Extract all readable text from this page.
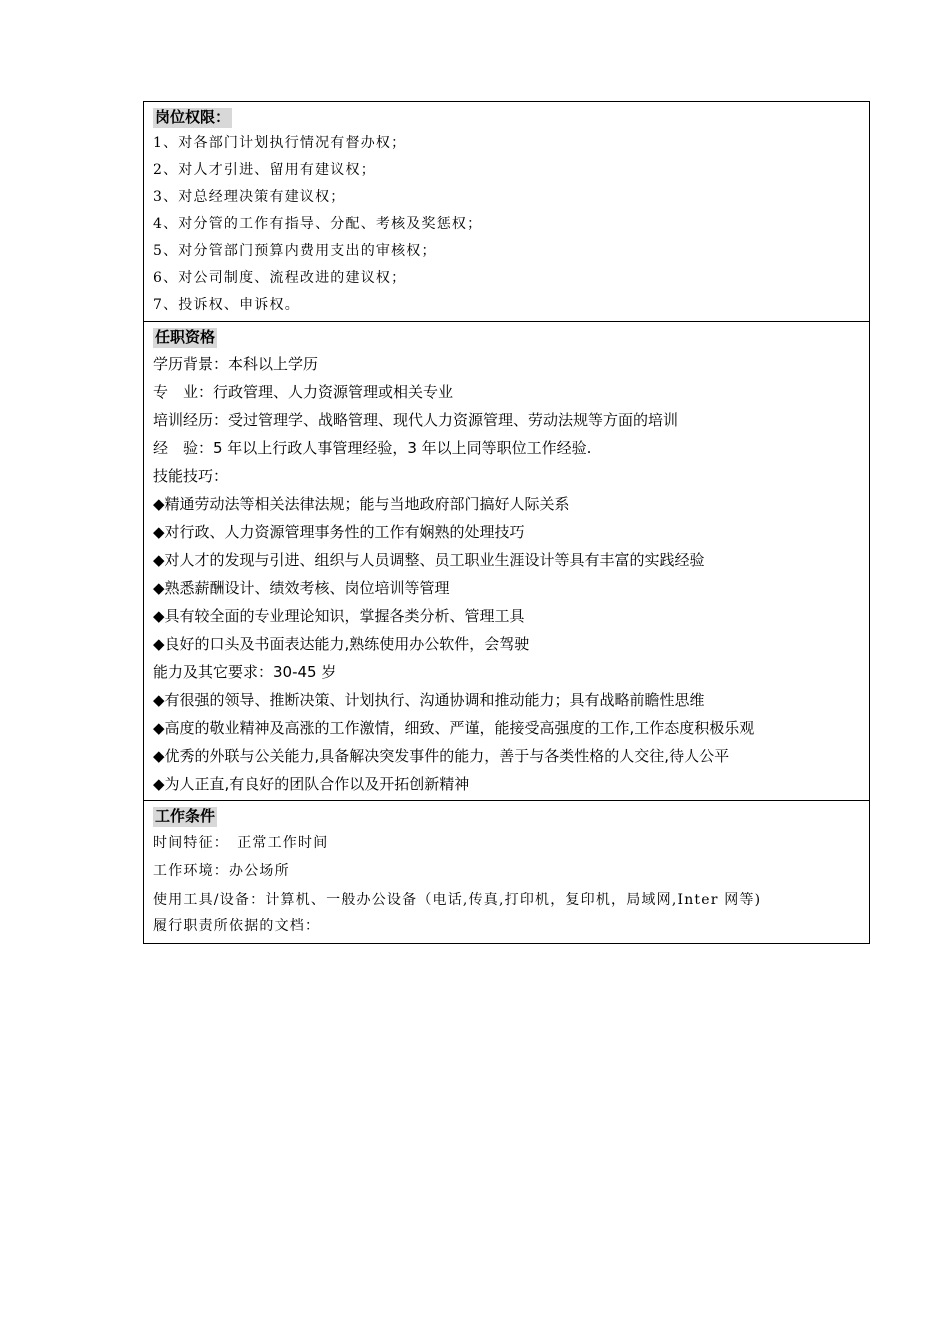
岗位权限：
1、对各部门计划执行情况有督办权；
2、对人才引进、留用有建议权；
3、对总经理决策有建议权；
4、对分管的工作有指导、分配、考核及奖惩权；
5、对分管部门预算内费用支出的审核权；
6、对公司制度、流程改进的建议权；
7、投诉权、申诉权。
任职资格
学历背景：本科以上学历
专　业：行政管理、人力资源管理或相关专业
培训经历：受过管理学、战略管理、现代人力资源管理、劳动法规等方面的培训
经　验：5 年以上行政人事管理经验，3 年以上同等职位工作经验.
技能技巧：
◆精通劳动法等相关法律法规；能与当地政府部门搞好人际关系
◆对行政、人力资源管理事务性的工作有娴熟的处理技巧
◆对人才的发现与引进、组织与人员调整、员工职业生涯设计等具有丰富的实践经验
◆熟悉薪酬设计、绩效考核、岗位培训等管理
◆具有较全面的专业理论知识，掌握各类分析、管理工具
◆良好的口头及书面表达能力,熟练使用办公软件，会驾驶
能力及其它要求：30-45 岁
◆有很强的领导、推断决策、计划执行、沟通协调和推动能力；具有战略前瞻性思维
◆高度的敬业精神及高涨的工作激情，细致、严谨，能接受高强度的工作,工作态度积极乐观
◆优秀的外联与公关能力,具备解决突发事件的能力，善于与各类性格的人交往,待人公平
◆为人正直,有良好的团队合作以及开拓创新精神
工作条件
时间特征：　正常工作时间
工作环境：办公场所
使用工具/设备：计算机、一般办公设备（电话,传真,打印机，复印机，局域网,Inter 网等)
履行职责所依据的文档：
